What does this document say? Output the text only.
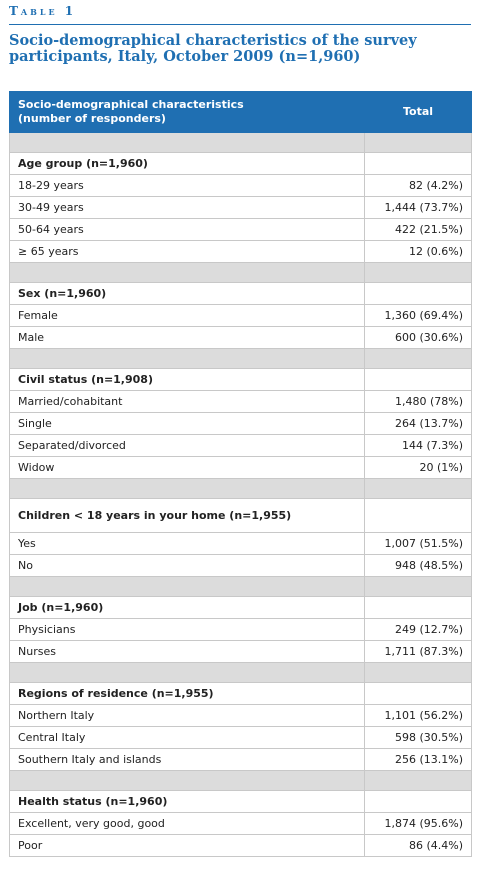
Table 1
Socio-demographical characteristics of the survey participants, Italy, October 2009 (n=1,960)
Socio-demographical characteristics
(number of responders)	Total

Age group (n=1,960)	
18-29 years	82 (4.2%)
30-49 years	1,444 (73.7%)
50-64 years	422 (21.5%)
≥ 65 years	12 (0.6%)

Sex (n=1,960)	
Female	1,360 (69.4%)
Male	600 (30.6%)

Civil status (n=1,908)	
Married/cohabitant	1,480 (78%)
Single	264 (13.7%)
Separated/divorced	144 (7.3%)
Widow	20 (1%)

Children < 18 years in your home (n=1,955)	
Yes	1,007 (51.5%)
No	948 (48.5%)

Job (n=1,960)	
Physicians	249 (12.7%)
Nurses	1,711 (87.3%)

Regions of residence (n=1,955)	
Northern Italy	1,101 (56.2%)
Central Italy	598 (30.5%)
Southern Italy and islands	256 (13.1%)

Health status (n=1,960)	
Excellent, very good, good	1,874 (95.6%)
Poor	86 (4.4%)
